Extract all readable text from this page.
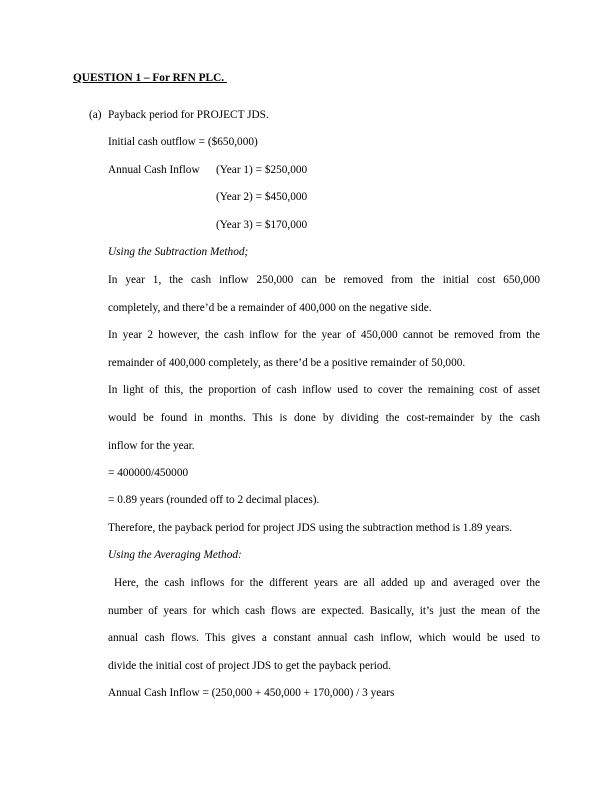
QUESTION 1 – For RFN PLC.
(a) Payback period for PROJECT JDS.
Initial cash outflow = ($650,000)
Annual Cash Inflow (Year 1) = $250,000
(Year 2) = $450,000
(Year 3) = $170,000
Using the Subtraction Method;
In year 1, the cash inflow 250,000 can be removed from the initial cost 650,000
completely, and there’d be a remainder of 400,000 on the negative side.
In year 2 however, the cash inflow for the year of 450,000 cannot be removed from the
remainder of 400,000 completely, as there’d be a positive remainder of 50,000.
In light of this, the proportion of cash inflow used to cover the remaining cost of asset
would be found in months. This is done by dividing the cost-remainder by the cash
inflow for the year.
= 400000/450000
= 0.89 years (rounded off to 2 decimal places).
Therefore, the payback period for project JDS using the subtraction method is 1.89 years.
Using the Averaging Method:
Here, the cash inflows for the different years are all added up and averaged over the
number of years for which cash flows are expected. Basically, it’s just the mean of the
annual cash flows. This gives a constant annual cash inflow, which would be used to
divide the initial cost of project JDS to get the payback period.
Annual Cash Inflow = (250,000 + 450,000 + 170,000) / 3 years
